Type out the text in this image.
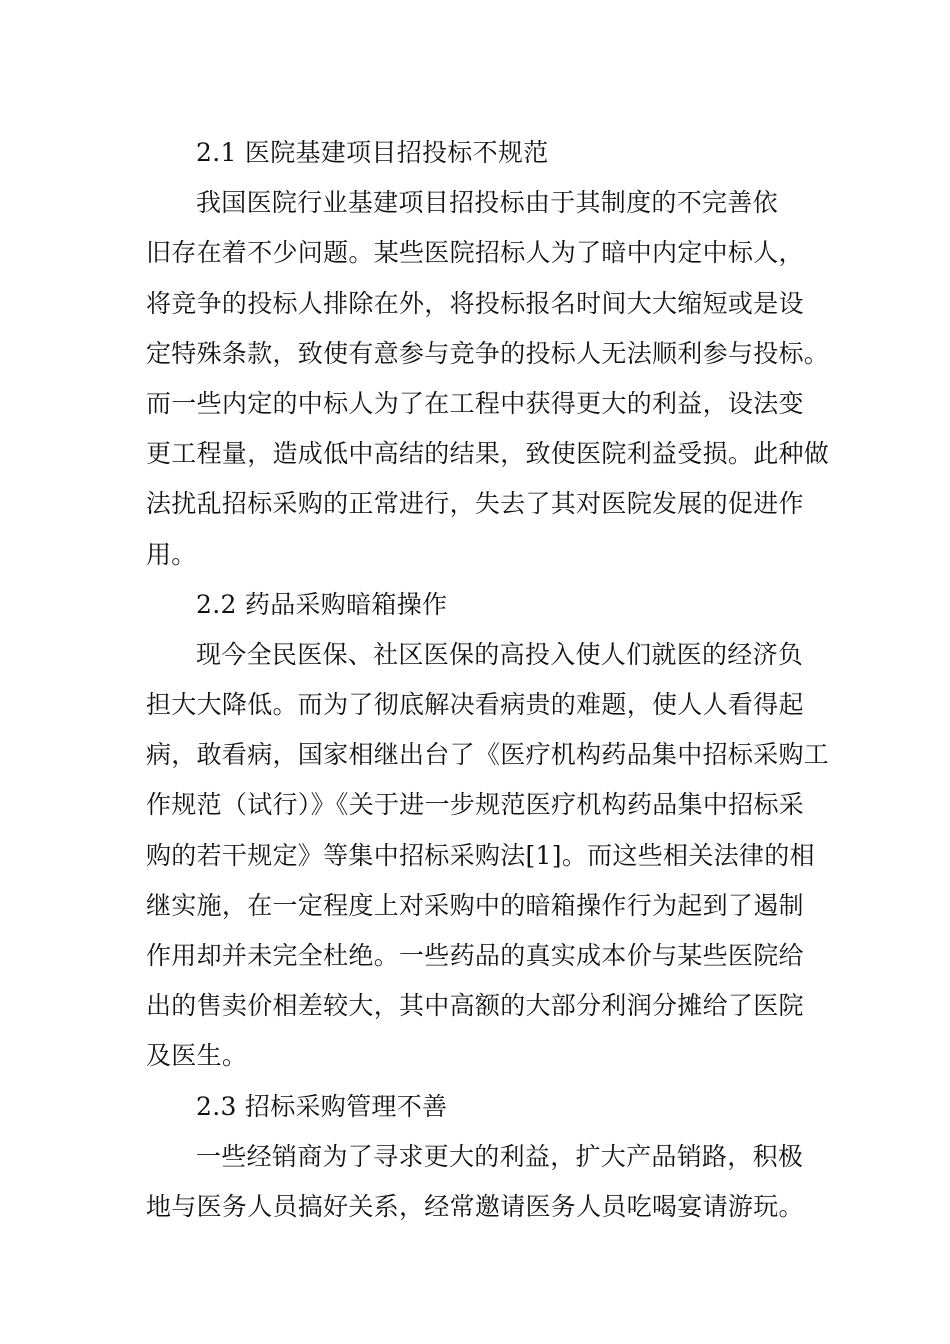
2.1 医院基建项目招投标不规范
我国医院行业基建项目招投标由于其制度的不完善依
旧存在着不少问题。某些医院招标人为了暗中内定中标人，
将竞争的投标人排除在外，将投标报名时间大大缩短或是设
定特殊条款，致使有意参与竞争的投标人无法顺利参与投标。
而一些内定的中标人为了在工程中获得更大的利益，设法变
更工程量，造成低中高结的结果，致使医院利益受损。此种做
法扰乱招标采购的正常进行，失去了其对医院发展的促进作
用。
2.2 药品采购暗箱操作
现今全民医保、社区医保的高投入使人们就医的经济负
担大大降低。而为了彻底解决看病贵的难题，使人人看得起
病，敢看病，国家相继出台了《医疗机构药品集中招标采购工
作规范（试行）》《关于进一步规范医疗机构药品集中招标采
购的若干规定》等集中招标采购法[1]。而这些相关法律的相
继实施，在一定程度上对采购中的暗箱操作行为起到了遏制
作用却并未完全杜绝。一些药品的真实成本价与某些医院给
出的售卖价相差较大，其中高额的大部分利润分摊给了医院
及医生。
2.3 招标采购管理不善
一些经销商为了寻求更大的利益，扩大产品销路，积极
地与医务人员搞好关系，经常邀请医务人员吃喝宴请游玩。
